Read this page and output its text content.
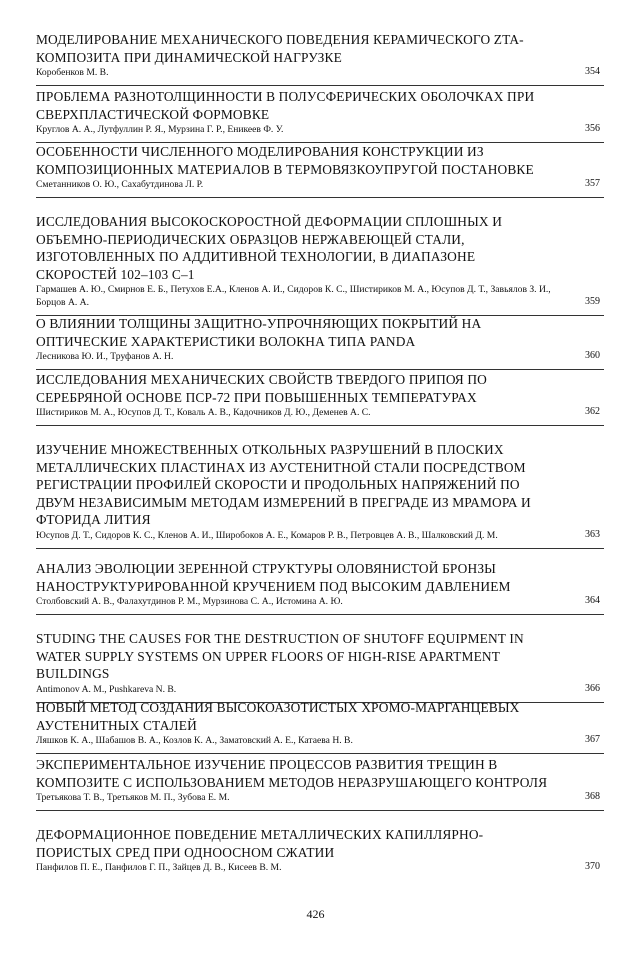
МОДЕЛИРОВАНИЕ МЕХАНИЧЕСКОГО ПОВЕДЕНИЯ КЕРАМИЧЕСКОГО ZTA-КОМПОЗИТА ПРИ ДИНАМИЧЕСКОЙ НАГРУЗКЕ
Коробенков М. В.	354
ПРОБЛЕМА РАЗНОТОЛЩИННОСТИ В ПОЛУСФЕРИЧЕСКИХ ОБОЛОЧКАХ ПРИ СВЕРХПЛАСТИЧЕСКОЙ ФОРМОВКЕ
Круглов А. А., Лутфуллин Р. Я., Мурзина Г. Р., Еникеев Ф. У.	356
ОСОБЕННОСТИ ЧИСЛЕННОГО МОДЕЛИРОВАНИЯ КОНСТРУКЦИИ ИЗ КОМПОЗИЦИОННЫХ МАТЕРИАЛОВ В ТЕРМОВЯЗКОУПРУГОЙ ПОСТАНОВКЕ
Сметанников О. Ю., Сахабутдинова Л. Р.	357
ИССЛЕДОВАНИЯ ВЫСОКОСКОРОСТНОЙ ДЕФОРМАЦИИ СПЛОШНЫХ И ОБЪЕМНО-ПЕРИОДИЧЕСКИХ ОБРАЗЦОВ НЕРЖАВЕЮЩЕЙ СТАЛИ, ИЗГОТОВЛЕННЫХ ПО АДДИТИВНОЙ ТЕХНОЛОГИИ, В ДИАПАЗОНЕ СКОРОСТЕЙ 102–103 С–1
Гармашев А. Ю., Смирнов Е. Б., Петухов Е.А., Кленов А. И., Сидоров К. С., Шистириков М. А., Юсупов Д. Т., Завьялов З. И., Борцов А. А.	359
О ВЛИЯНИИ ТОЛЩИНЫ ЗАЩИТНО-УПРОЧНЯЮЩИХ ПОКРЫТИЙ НА ОПТИЧЕСКИЕ ХАРАКТЕРИСТИКИ ВОЛОКНА ТИПА PANDA
Лесникова Ю. И., Труфанов А. Н.	360
ИССЛЕДОВАНИЯ МЕХАНИЧЕСКИХ СВОЙСТВ ТВЕРДОГО ПРИПОЯ ПО СЕРЕБРЯНОЙ ОСНОВЕ ПСР-72 ПРИ ПОВЫШЕННЫХ ТЕМПЕРАТУРАХ
Шистириков М. А., Юсупов Д. Т., Коваль А. В., Кадочников Д. Ю., Деменев А. С.	362
ИЗУЧЕНИЕ МНОЖЕСТВЕННЫХ ОТКОЛЬНЫХ РАЗРУШЕНИЙ В ПЛОСКИХ МЕТАЛЛИЧЕСКИХ ПЛАСТИНАХ ИЗ АУСТЕНИТНОЙ СТАЛИ ПОСРЕДСТВОМ РЕГИСТРАЦИИ ПРОФИЛЕЙ СКОРОСТИ И ПРОДОЛЬНЫХ НАПРЯЖЕНИЙ ПО ДВУМ НЕЗАВИСИМЫМ МЕТОДАМ ИЗМЕРЕНИЙ В ПРЕГРАДЕ ИЗ МРАМОРА И ФТОРИДА ЛИТИЯ
Юсупов Д. Т., Сидоров К. С., Кленов А. И., Широбоков А. Е., Комаров Р. В., Петровцев А. В., Шалковский Д. М.	363
АНАЛИЗ ЭВОЛЮЦИИ ЗЕРЕННОЙ СТРУКТУРЫ ОЛОВЯНИСТОЙ БРОНЗЫ НАНОСТРУКТУРИРОВАННОЙ КРУЧЕНИЕМ ПОД ВЫСОКИМ ДАВЛЕНИЕМ
Столбовский А. В., Фалахутдинов Р. М., Мурзинова С. А., Истомина А. Ю.	364
STUDING THE CAUSES FOR THE DESTRUCTION OF SHUTOFF EQUIPMENT IN WATER SUPPLY SYSTEMS ON UPPER FLOORS OF HIGH-RISE APARTMENT BUILDINGS
Antimonov A. M., Pushkareva N. B.	366
НОВЫЙ МЕТОД СОЗДАНИЯ ВЫСОКОАЗОТИСТЫХ ХРОМО-МАРГАНЦЕВЫХ АУСТЕНИТНЫХ СТАЛЕЙ
Ляшков К. А., Шабашов В. А., Козлов К. А., Заматовский А. Е., Катаева Н. В.	367
ЭКСПЕРИМЕНТАЛЬНОЕ ИЗУЧЕНИЕ ПРОЦЕССОВ РАЗВИТИЯ ТРЕЩИН В КОМПОЗИТЕ С ИСПОЛЬЗОВАНИЕМ МЕТОДОВ НЕРАЗРУШАЮЩЕГО КОНТРОЛЯ
Третьякова Т. В., Третьяков М. П., Зубова Е. М.	368
ДЕФОРМАЦИОННОЕ ПОВЕДЕНИЕ МЕТАЛЛИЧЕСКИХ КАПИЛЛЯРНО-ПОРИСТЫХ СРЕД ПРИ ОДНООСНОМ СЖАТИИ
Панфилов П. Е., Панфилов Г. П., Зайцев Д. В., Кисеев В. М.	370
426
